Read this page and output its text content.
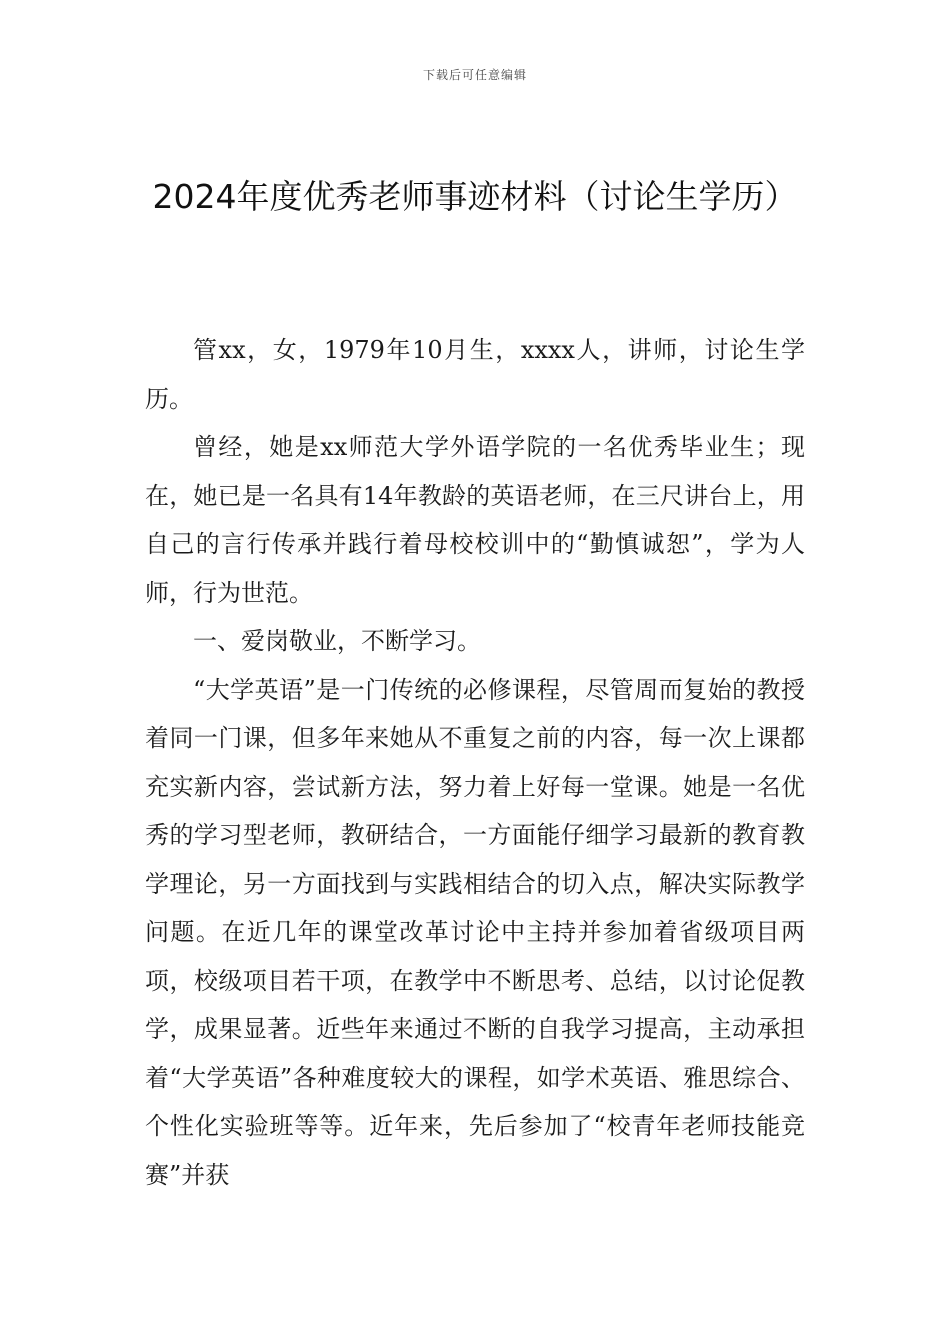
下载后可任意编辑
2024年度优秀老师事迹材料（讨论生学历）

管xx，女，1979年10月生，xxxx人，讲师，讨论生学历。

曾经，她是xx师范大学外语学院的一名优秀毕业生；现在，她已是一名具有14年教龄的英语老师，在三尺讲台上，用自己的言行传承并践行着母校校训中的“勤慎诚恕”，学为人师，行为世范。

一、爱岗敬业，不断学习。

“大学英语”是一门传统的必修课程，尽管周而复始的教授着同一门课，但多年来她从不重复之前的内容，每一次上课都充实新内容，尝试新方法，努力着上好每一堂课。她是一名优秀的学习型老师，教研结合，一方面能仔细学习最新的教育教学理论，另一方面找到与实践相结合的切入点，解决实际教学问题。在近几年的课堂改革讨论中主持并参加着省级项目两项，校级项目若干项，在教学中不断思考、总结，以讨论促教学，成果显著。近些年来通过不断的自我学习提高，主动承担着“大学英语”各种难度较大的课程，如学术英语、雅思综合、个性化实验班等等。近年来，先后参加了“校青年老师技能竞赛”并获
